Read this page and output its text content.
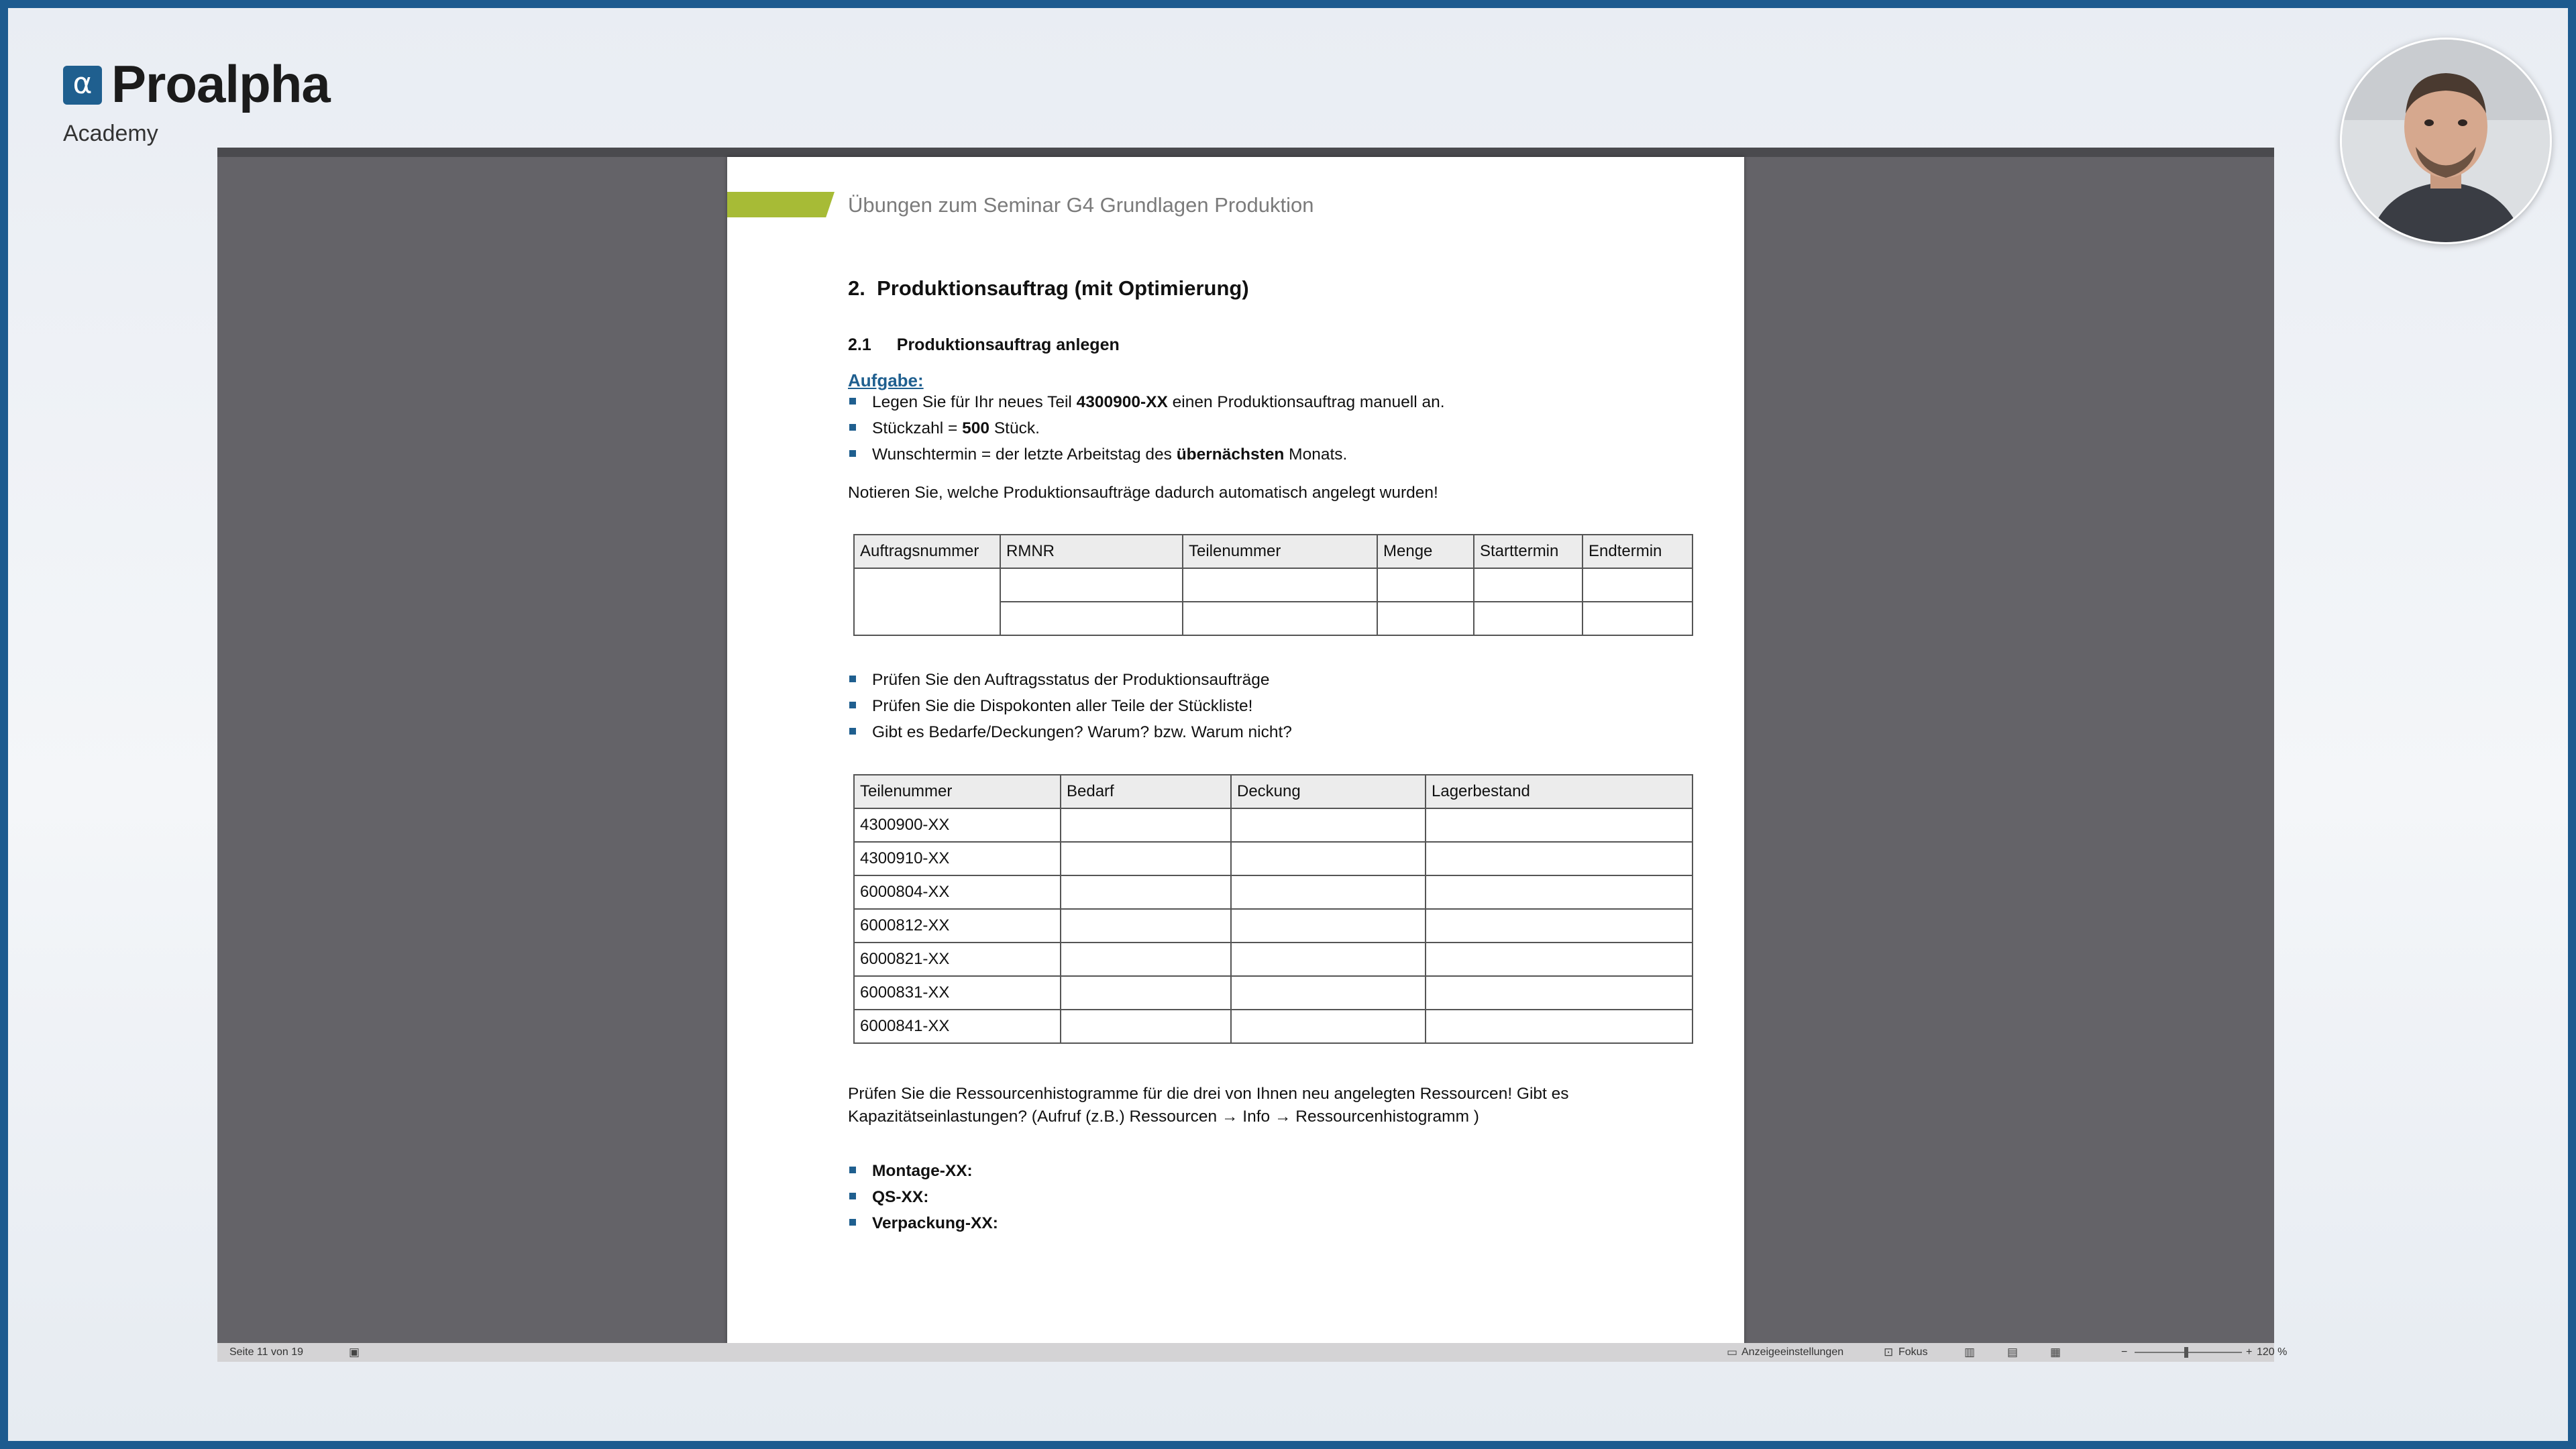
α Proalpha
Academy
Übungen zum Seminar G4 Grundlagen Produktion
2. Produktionsauftrag (mit Optimierung)
2.1 Produktionsauftrag anlegen
Aufgabe:
Legen Sie für Ihr neues Teil 4300900-XX einen Produktionsauftrag manuell an.
Stückzahl = 500 Stück.
Wunschtermin = der letzte Arbeitstag des übernächsten Monats.
Notieren Sie, welche Produktionsaufträge dadurch automatisch angelegt wurden!
Auftragsnummer	RMNR	Teilenummer	Menge	Starttermin	Endtermin

Prüfen Sie den Auftragsstatus der Produktionsaufträge
Prüfen Sie die Dispokonten aller Teile der Stückliste!
Gibt es Bedarfe/Deckungen? Warum? bzw. Warum nicht?
Teilenummer	Bedarf	Deckung	Lagerbestand
4300900-XX			
4300910-XX			
6000804-XX			
6000812-XX			
6000821-XX			
6000831-XX			
6000841-XX			
Prüfen Sie die Ressourcenhistogramme für die drei von Ihnen neu angelegten Ressourcen! Gibt es
Kapazitätseinlastungen? (Aufruf (z.B.) Ressourcen → Info → Ressourcenhistogramm )
Montage-XX:
QS-XX:
Verpackung-XX:
Seite 11 von 19	▣	▭ Anzeigeeinstellungen	⊡ Fokus	▥	▤	▦	−	+ 120 %
